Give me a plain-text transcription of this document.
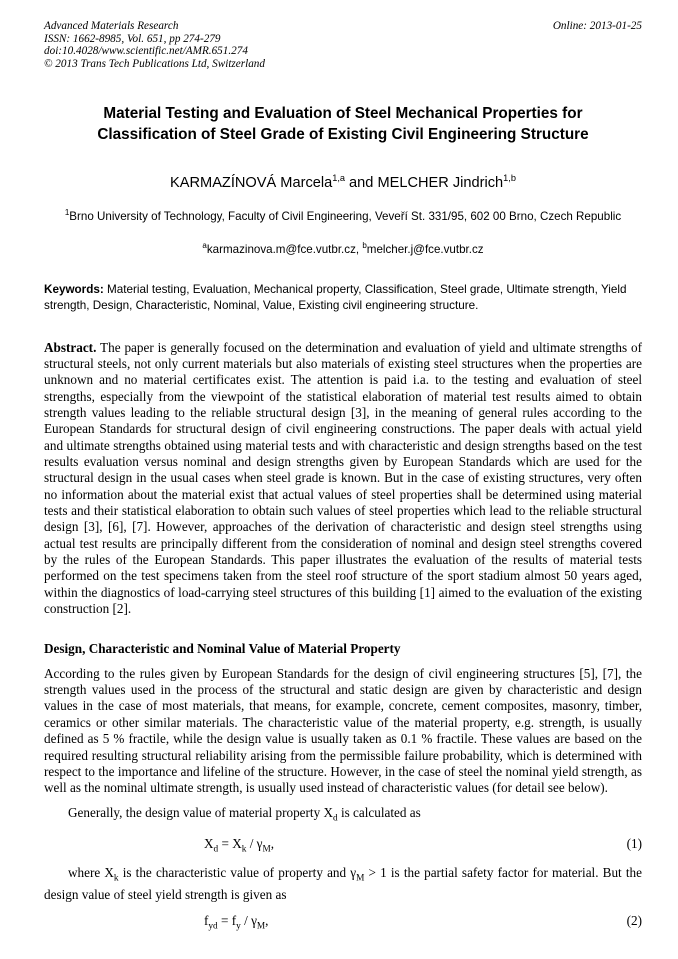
Advanced Materials Research
ISSN: 1662-8985, Vol. 651, pp 274-279
doi:10.4028/www.scientific.net/AMR.651.274
© 2013 Trans Tech Publications Ltd, Switzerland
Online: 2013-01-25
Material Testing and Evaluation of Steel Mechanical Properties for
Classification of Steel Grade of Existing Civil Engineering Structure
KARMAZÍNOVÁ Marcela$^{1,a}$ and MELCHER Jindrich$^{1,b}$
$^1$Brno University of Technology, Faculty of Civil Engineering, Veveří St. 331/95, 602 00 Brno, Czech Republic
$^a$karmazinova.m@fce.vutbr.cz, $^b$melcher.j@fce.vutbr.cz
Keywords: Material testing, Evaluation, Mechanical property, Classification, Steel grade, Ultimate strength, Yield strength, Design, Characteristic, Nominal, Value, Existing civil engineering structure.
Abstract. The paper is generally focused on the determination and evaluation of yield and ultimate strengths of structural steels, not only current materials but also materials of existing steel structures when the properties are unknown and no material certificates exist. The attention is paid i.a. to the testing and evaluation of steel strengths, especially from the viewpoint of the statistical elaboration of material test results aimed to obtain strength values leading to the reliable structural design [3], in the meaning of general rules according to the European Standards for structural design of civil engineering constructions. The paper deals with actual yield and ultimate strengths obtained using material tests and with characteristic and design strengths based on the test results evaluation versus nominal and design strengths given by European Standards which are used for the structural design in the usual cases when steel grade is known. But in the case of existing structures, very often no information about the material exist that actual values of steel properties shall be determined using material tests and their statistical elaboration to obtain such values of steel properties which lead to the reliable structural design [3], [6], [7]. However, approaches of the derivation of characteristic and design steel strengths using actual test results are principally different from the consideration of nominal and design steel strengths covered by the rules of the European Standards. This paper illustrates the evaluation of the results of material tests performed on the test specimens taken from the steel roof structure of the sport stadium almost 50 years aged, within the diagnostics of load-carrying steel structures of this building [1] aimed to the evaluation of the existing construction [2].
Design, Characteristic and Nominal Value of Material Property
According to the rules given by European Standards for the design of civil engineering structures [5], [7], the strength values used in the process of the structural and static design are given by characteristic and design values in the case of most materials, that means, for example, concrete, cement composites, masonry, timber, ceramics or other similar materials. The characteristic value of the material property, e.g. strength, is usually defined as 5 % fractile, while the design value is usually taken as 0.1 % fractile. These values are based on the required resulting structural reliability arising from the permissible failure probability, which is determined with respect to the importance and lifeline of the structure. However, in the case of steel the nominal yield strength, as well as the nominal ultimate strength, is usually used instead of characteristic values (for detail see below).
Generally, the design value of material property $X_d$ is calculated as
$X_d = X_k / \gamma_M$,	(1)
where $X_k$ is the characteristic value of property and $\gamma_M > 1$ is the partial safety factor for material. But the design value of steel yield strength is given as
$f_{yd} = f_y / \gamma_M$,	(2)
